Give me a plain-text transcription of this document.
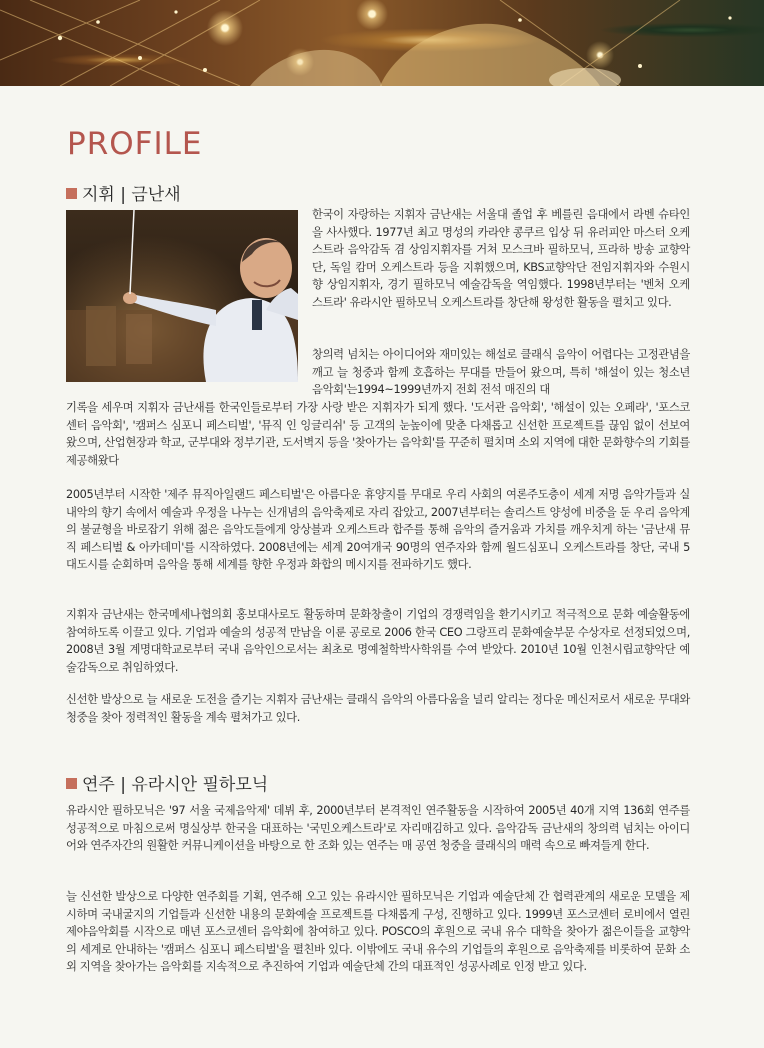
PROFILE
지휘 | 금난새

한국이 자랑하는 지휘자 금난새는 서울대 졸업 후 베를린 음대에서 라벤 슈타인을 사사했다. 1977년 최고 명성의 카라얀 콩쿠르 입상 뒤 유러피안 마스터 오케스트라 음악감독 겸 상임지휘자를 거쳐 모스크바 필하모닉, 프라하 방송 교향악단, 독일 캄머 오케스트라 등을 지휘했으며, KBS교향악단 전임지휘자와 수원시향 상임지휘자, 경기 필하모닉 예술감독을 역임했다. 1998년부터는 '벤처 오케스트라' 유라시안 필하모닉 오케스트라를 창단해 왕성한 활동을 펼치고 있다.

창의력 넘치는 아이디어와 재미있는 해설로 클래식 음악이 어렵다는 고정관념을 깨고 늘 청중과 함께 호흡하는 무대를 만들어 왔으며, 특히 '해설이 있는 청소년 음악회'는1994~1999년까지 전회 전석 매진의 대

기록을 세우며 지휘자 금난새를 한국인들로부터 가장 사랑 받은 지휘자가 되게 했다. '도서관 음악회', '해설이 있는 오페라', '포스코센터 음악회', '캠퍼스 심포니 페스티벌', '뮤직 인 잉글리쉬' 등 고객의 눈높이에 맞춘 다채롭고 신선한 프로젝트를 끊임 없이 선보여왔으며, 산업현장과 학교, 군부대와 정부기관, 도서벽지 등을 '찾아가는 음악회'를 꾸준히 펼치며 소외 지역에 대한 문화향수의 기회를 제공해왔다

2005년부터 시작한 '제주 뮤직아일랜드 페스티벌'은 아름다운 휴양지를 무대로 우리 사회의 여론주도층이 세계 저명 음악가들과 실내악의 향기 속에서 예술과 우정을 나누는 신개념의 음악축제로 자리 잡았고, 2007년부터는 솔리스트 양성에 비중을 둔 우리 음악계의 불균형을 바로잡기 위해 젊은 음악도들에게 앙상블과 오케스트라 합주를 통해 음악의 즐거움과 가치를 깨우치게 하는 '금난새 뮤직 페스티벌 & 아카데미'를 시작하였다. 2008년에는 세계 20여개국 90명의 연주자와 함께 월드심포니 오케스트라를 창단, 국내 5대도시를 순회하며 음악을 통해 세계를 향한 우정과 화합의 메시지를 전파하기도 했다.

지휘자 금난새는 한국메세나협의회 홍보대사로도 활동하며 문화창출이 기업의 경쟁력임을 환기시키고 적극적으로 문화 예술활동에 참여하도록 이끌고 있다. 기업과 예술의 성공적 만남을 이룬 공로로 2006 한국 CEO 그랑프리 문화예술부문 수상자로 선정되었으며, 2008년 3월 계명대학교로부터 국내 음악인으로서는 최초로 명예철학박사학위를 수여 받았다. 2010년 10월 인천시립교향악단 예술감독으로 취임하였다.

신선한 발상으로 늘 새로운 도전을 즐기는 지휘자 금난새는 클래식 음악의 아름다움을 널리 알리는 정다운 메신저로서 새로운 무대와 청중을 찾아 정력적인 활동을 계속 펼쳐가고 있다.

연주 | 유라시안 필하모닉

유라시안 필하모닉은 '97 서울 국제음악제' 데뷔 후, 2000년부터 본격적인 연주활동을 시작하여 2005년 40개 지역 136회 연주를 성공적으로 마침으로써 명실상부 한국을 대표하는 '국민오케스트라'로 자리매김하고 있다. 음악감독 금난새의 창의력 넘치는 아이디어와 연주자간의 원활한 커뮤니케이션을 바탕으로 한 조화 있는 연주는 매 공연 청중을 클래식의 매력 속으로 빠져들게 한다.

늘 신선한 발상으로 다양한 연주회를 기획, 연주해 오고 있는 유라시안 필하모닉은 기업과 예술단체 간 협력관계의 새로운 모델을 제시하며 국내굴지의 기업들과 신선한 내용의 문화예술 프로젝트를 다채롭게 구성, 진행하고 있다. 1999년 포스코센터 로비에서 열린 제야음악회를 시작으로 매년 포스코센터 음악회에 참여하고 있다. POSCO의 후원으로 국내 유수 대학을 찾아가 젊은이들을 교향악의 세계로 안내하는 '캠퍼스 심포니 페스티벌'을 펼친바 있다. 이밖에도 국내 유수의 기업들의 후원으로 음악축제를 비롯하여 문화 소외 지역을 찾아가는 음악회를 지속적으로 추진하여 기업과 예술단체 간의 대표적인 성공사례로 인정 받고 있다.
